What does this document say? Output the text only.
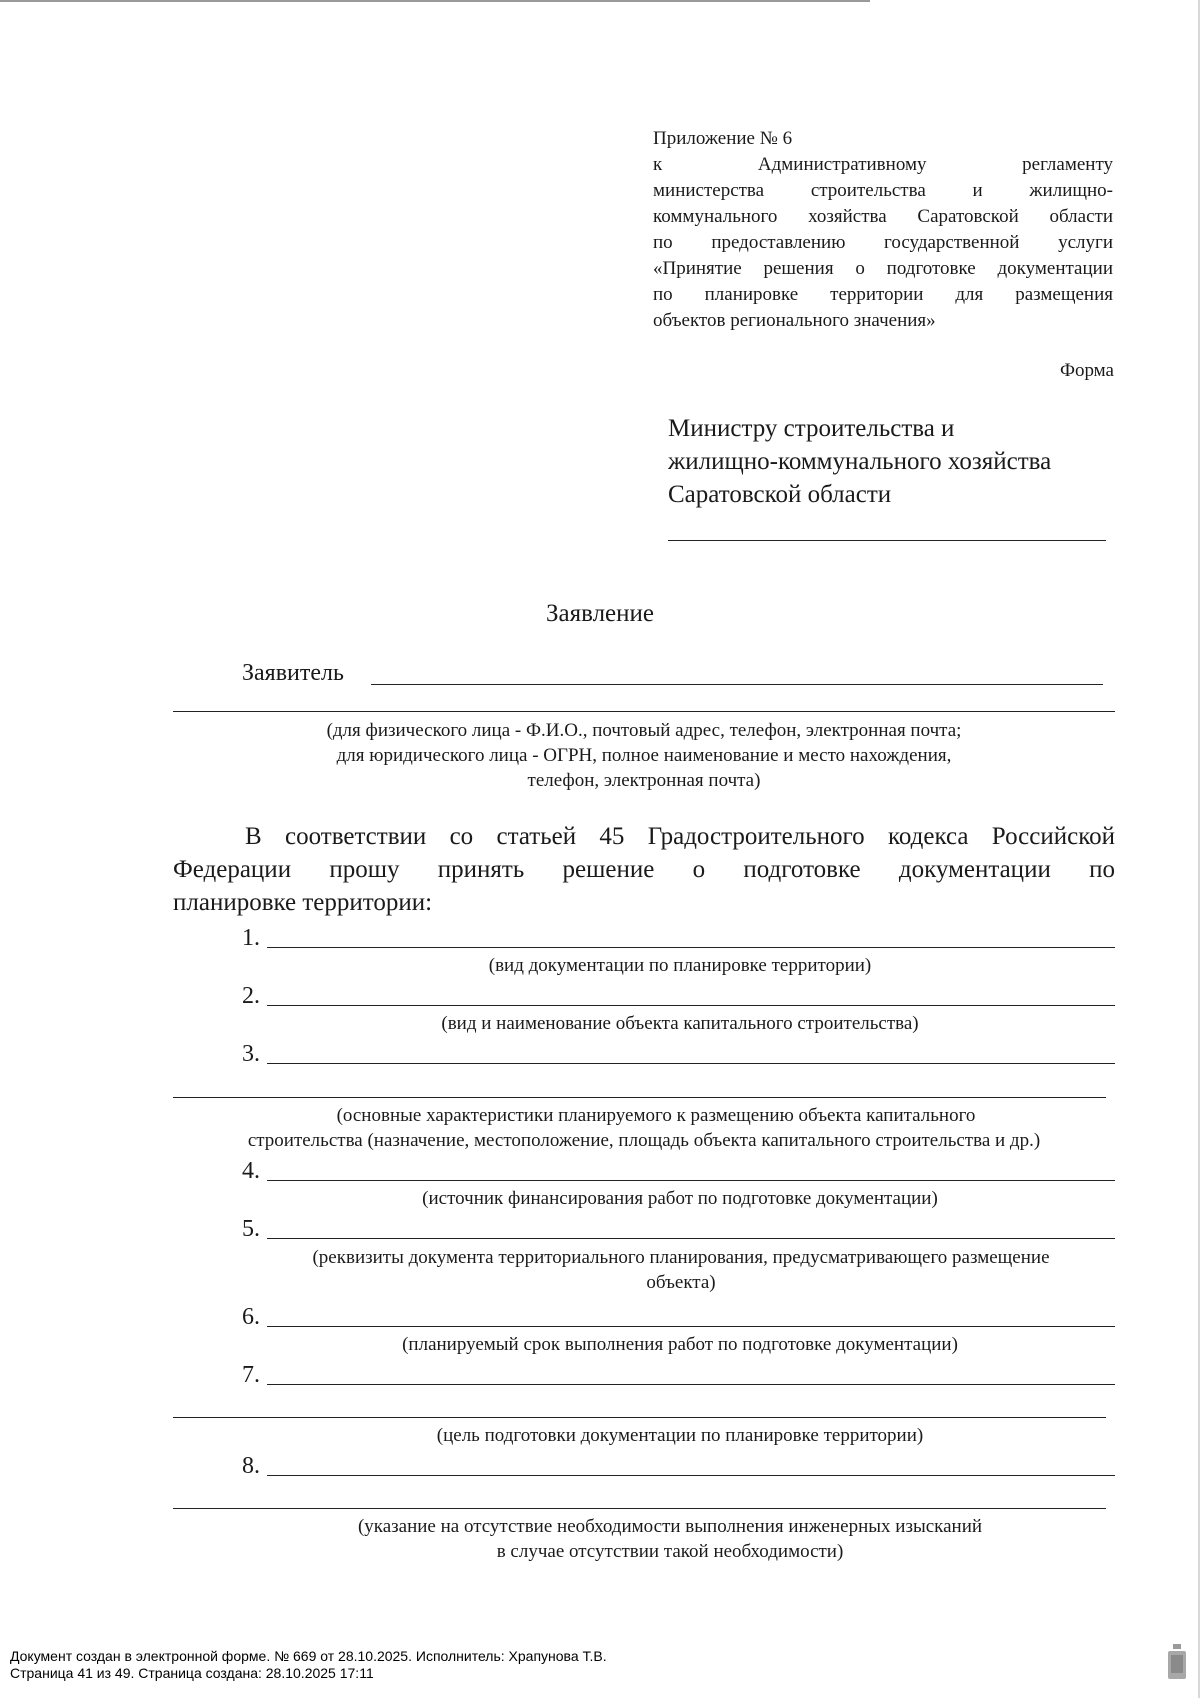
Приложение № 6
к	Административному	регламенту
министерства строительства и жилищно-
коммунального хозяйства Саратовской области
по предоставлению государственной услуги
«Принятие решения о подготовке документации
по планировке территории для размещения
объектов регионального значения»
Форма
Министру строительства и
жилищно-коммунального хозяйства
Саратовской области
Заявление
Заявитель
(для физического лица - Ф.И.О., почтовый адрес, телефон, электронная почта;
для юридического лица - ОГРН, полное наименование и место нахождения,
телефон, электронная почта)
В соответствии со статьей 45 Градостроительного кодекса Российской
Федерации прошу принять решение о подготовке документации по
планировке территории:
1.
(вид документации по планировке территории)
2.
(вид и наименование объекта капитального строительства)
3.
(основные характеристики планируемого к размещению объекта капитального
строительства (назначение, местоположение, площадь объекта капитального строительства и др.)
4.
(источник финансирования работ по подготовке документации)
5.
(реквизиты документа территориального планирования, предусматривающего размещение
объекта)
6.
(планируемый срок выполнения работ по подготовке документации)
7.
(цель подготовки документации по планировке территории)
8.
(указание на отсутствие необходимости выполнения инженерных изысканий
в случае отсутствии такой необходимости)
Документ создан в электронной форме. № 669 от 28.10.2025. Исполнитель: Храпунова Т.В.
Страница 41 из 49. Страница создана: 28.10.2025 17:11
